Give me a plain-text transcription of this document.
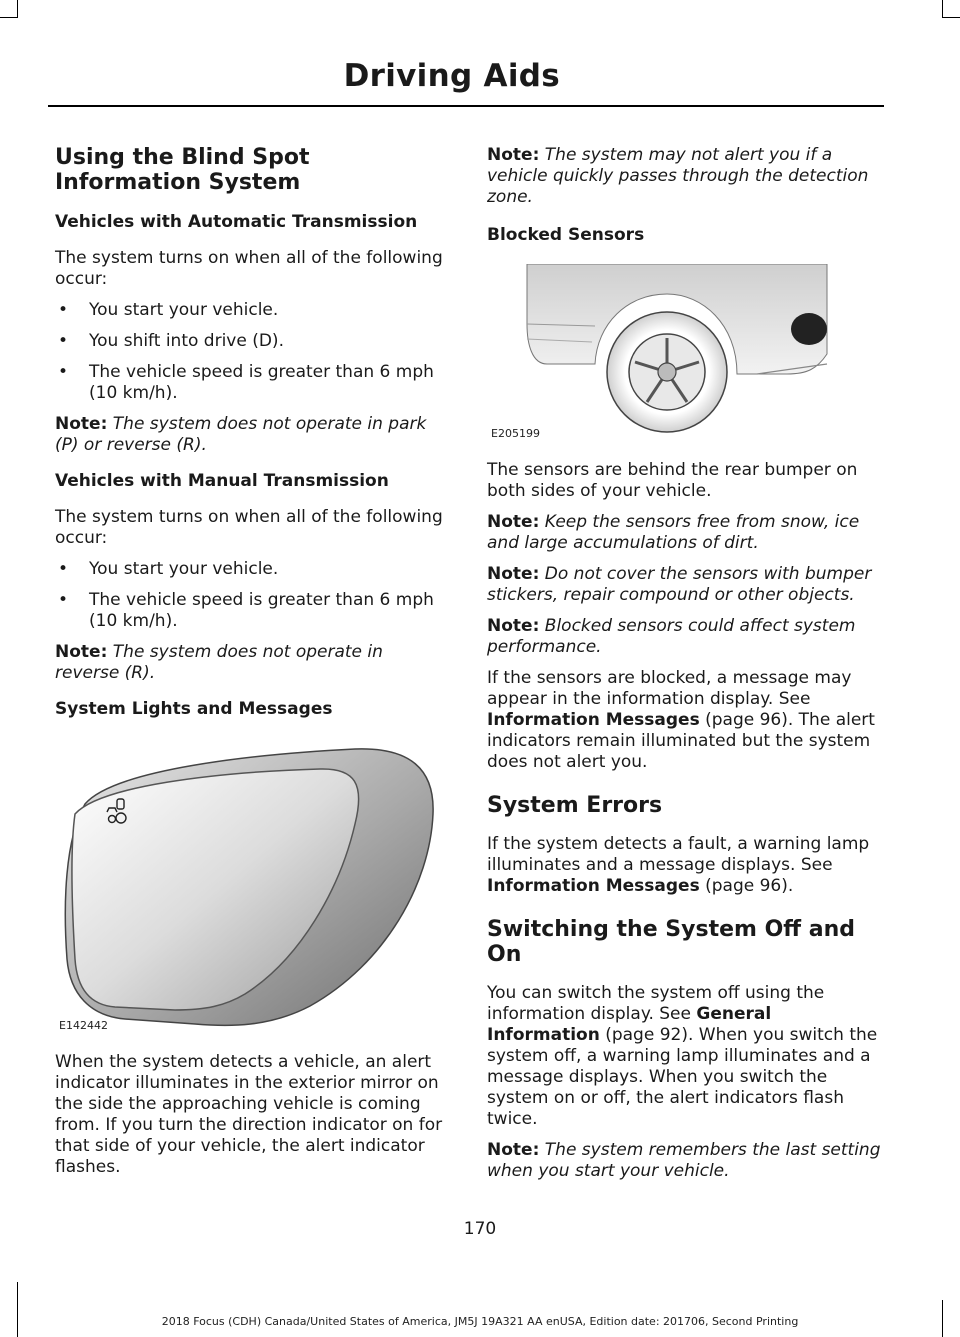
Driving Aids
Using the Blind Spot Information System
Vehicles with Automatic Transmission

The system turns on when all of the following occur:

• You start your vehicle.
• You shift into drive (D).
• The vehicle speed is greater than 6 mph (10 km/h).

Note: The system does not operate in park (P) or reverse (R).

Vehicles with Manual Transmission

The system turns on when all of the following occur:

• You start your vehicle.
• The vehicle speed is greater than 6 mph (10 km/h).

Note: The system does not operate in reverse (R).

System Lights and Messages
E142442

When the system detects a vehicle, an alert indicator illuminates in the exterior mirror on the side the approaching vehicle is coming from. If you turn the direction indicator on for that side of your vehicle, the alert indicator flashes.

Note: The system may not alert you if a vehicle quickly passes through the detection zone.

Blocked Sensors
E205199

The sensors are behind the rear bumper on both sides of your vehicle.

Note: Keep the sensors free from snow, ice and large accumulations of dirt.

Note: Do not cover the sensors with bumper stickers, repair compound or other objects.

Note: Blocked sensors could affect system performance.

If the sensors are blocked, a message may appear in the information display. See Information Messages (page 96). The alert indicators remain illuminated but the system does not alert you.

System Errors

If the system detects a fault, a warning lamp illuminates and a message displays. See Information Messages (page 96).

Switching the System Off and On

You can switch the system off using the information display. See General Information (page 92). When you switch the system off, a warning lamp illuminates and a message displays. When you switch the system on or off, the alert indicators flash twice.

Note: The system remembers the last setting when you start your vehicle.

170
2018 Focus (CDH) Canada/United States of America, JM5J 19A321 AA enUSA, Edition date: 201706, Second Printing
